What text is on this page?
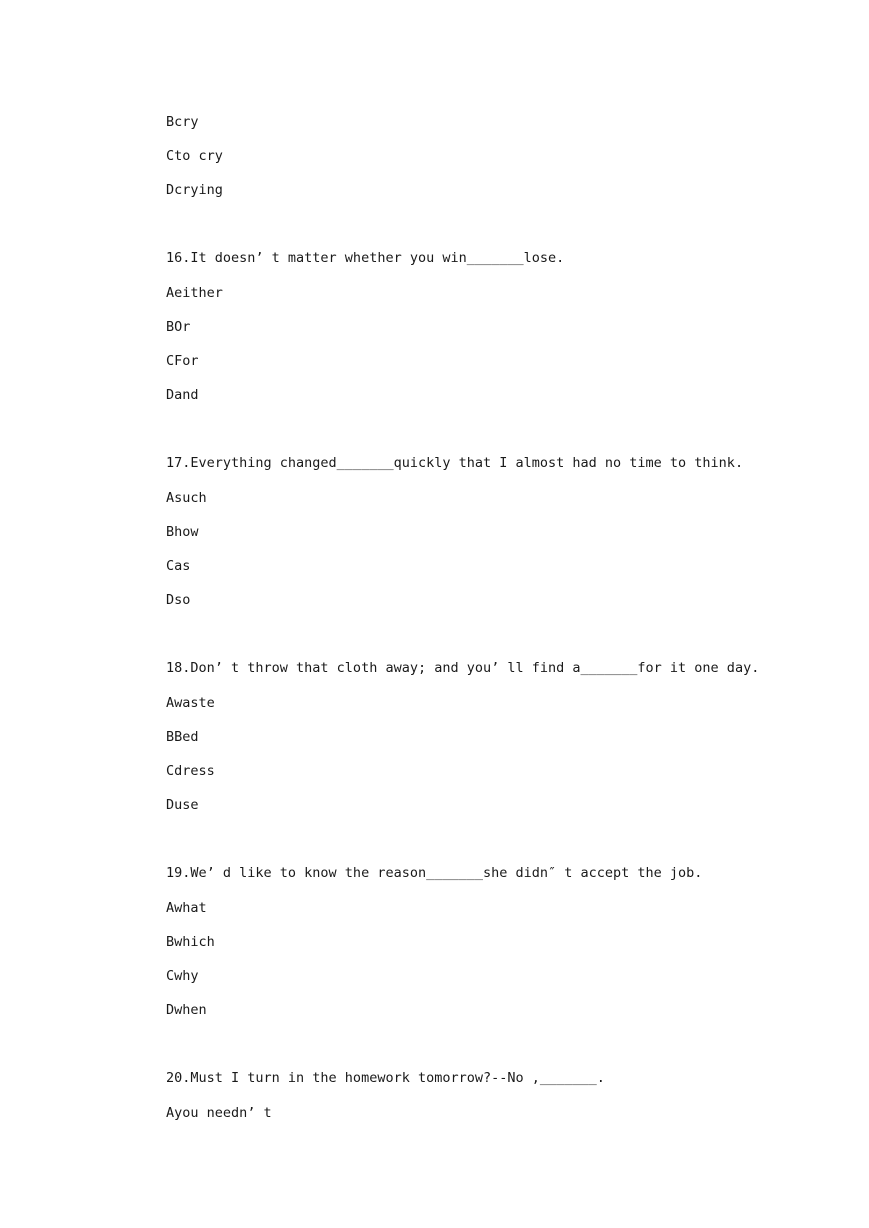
Bcry
Cto cry
Dcrying
16.It doesn’ t matter whether you win_______lose.
Aeither
BOr
CFor
Dand
17.Everything changed_______quickly that I almost had no time to think.
Asuch
Bhow
Cas
Dso
18.Don’ t throw that cloth away; and you’ ll find a_______for it one day.
Awaste
BBed
Cdress
Duse
19.We’ d like to know the reason_______she didn″ t accept the job.
Awhat
Bwhich
Cwhy
Dwhen
20.Must I turn in the homework tomorrow?--No ,_______.
Ayou needn’ t
